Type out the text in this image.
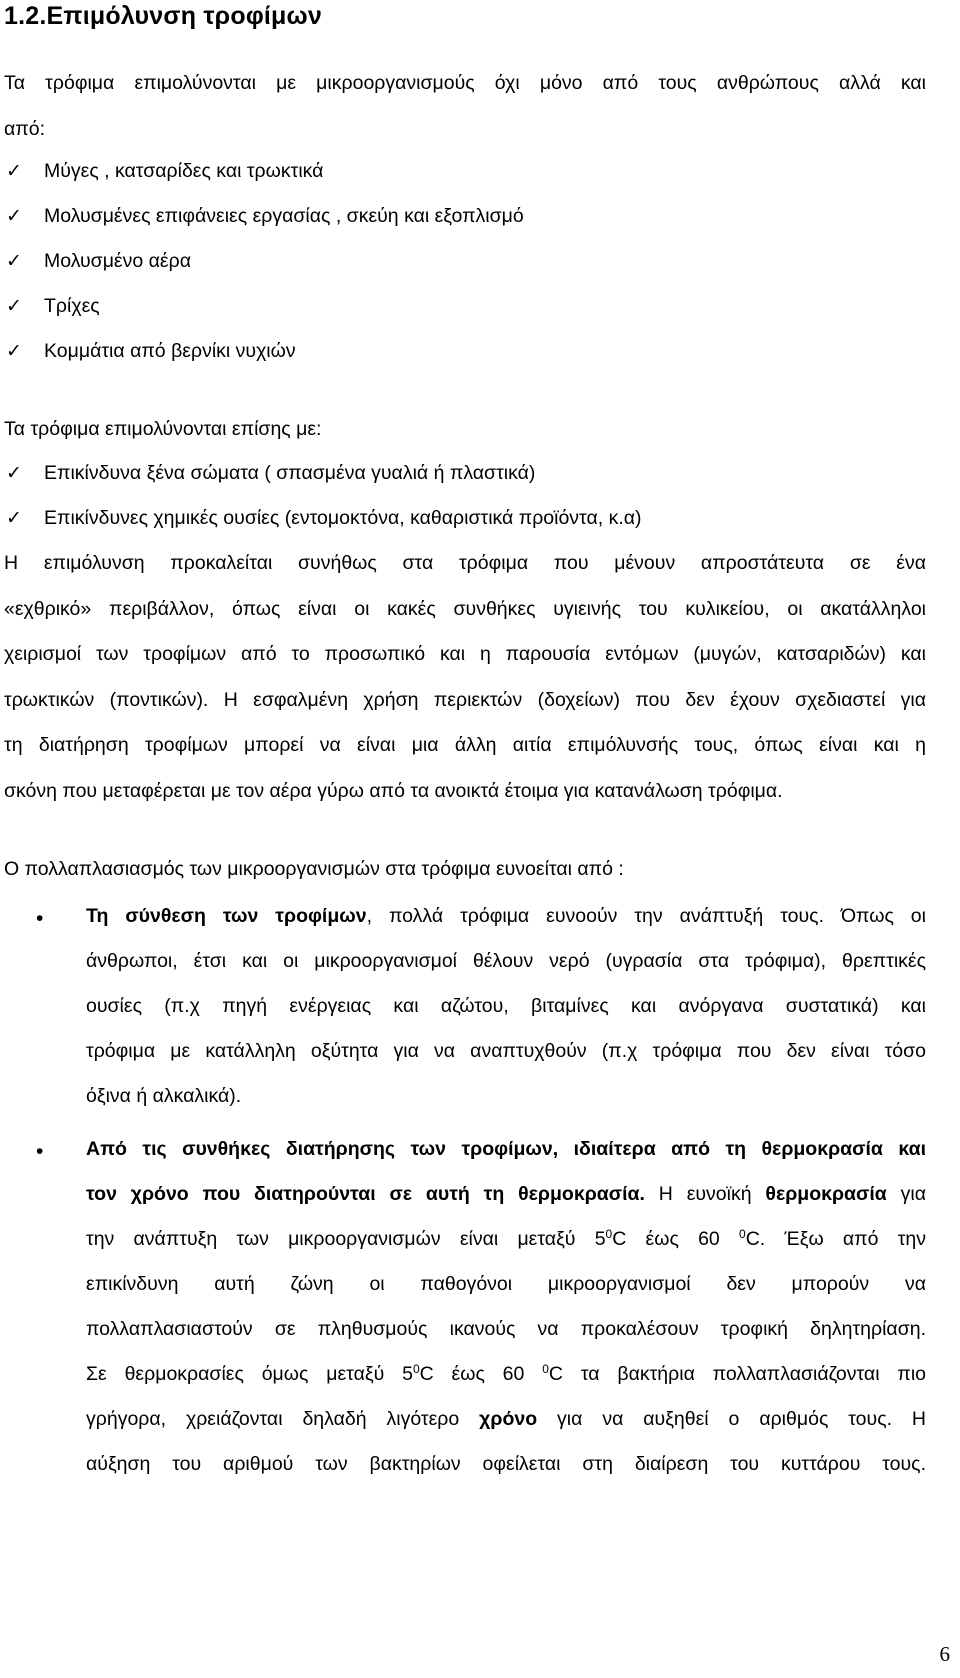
1.2.Επιμόλυνση τροφίμων
Τα τρόφιμα επιμολύνονται με μικροοργανισμούς όχι μόνο από τους ανθρώπους αλλά και
από:
✓ Μύγες , κατσαρίδες και τρωκτικά
✓ Μολυσμένες επιφάνειες εργασίας , σκεύη και εξοπλισμό
✓ Μολυσμένο αέρα
✓ Τρίχες
✓ Κομμάτια από βερνίκι νυχιών
Τα τρόφιμα επιμολύνονται επίσης με:
✓ Επικίνδυνα ξένα σώματα ( σπασμένα γυαλιά ή πλαστικά)
✓ Επικίνδυνες χημικές ουσίες (εντομοκτόνα, καθαριστικά προϊόντα, κ.α)
Η επιμόλυνση προκαλείται συνήθως στα τρόφιμα που μένουν απροστάτευτα σε ένα
«εχθρικό» περιβάλλον, όπως είναι οι κακές συνθήκες υγιεινής του κυλικείου, οι ακατάλληλοι
χειρισμοί των τροφίμων από το προσωπικό και η παρουσία εντόμων (μυγών, κατσαριδών) και
τρωκτικών (ποντικών). Η εσφαλμένη χρήση περιεκτών (δοχείων) που δεν έχουν σχεδιαστεί για
τη διατήρηση τροφίμων μπορεί να είναι μια άλλη αιτία επιμόλυνσής τους, όπως είναι και η
σκόνη που μεταφέρεται με τον αέρα γύρω από τα ανοικτά έτοιμα για κατανάλωση τρόφιμα.
Ο πολλαπλασιασμός των μικροοργανισμών στα τρόφιμα ευνοείται από :
• Τη σύνθεση των τροφίμων, πολλά τρόφιμα ευνοούν την ανάπτυξή τους. Όπως οι
άνθρωποι, έτσι και οι μικροοργανισμοί θέλουν νερό (υγρασία στα τρόφιμα), θρεπτικές
ουσίες (π.χ πηγή ενέργειας και αζώτου, βιταμίνες και ανόργανα συστατικά) και
τρόφιμα με κατάλληλη οξύτητα για να αναπτυχθούν (π.χ τρόφιμα που δεν είναι τόσο
όξινα ή αλκαλικά).
• Από τις συνθήκες διατήρησης των τροφίμων, ιδιαίτερα από τη θερμοκρασία και
τον χρόνο που διατηρούνται σε αυτή τη θερμοκρασία. Η ευνοϊκή θερμοκρασία για
την ανάπτυξη των μικροοργανισμών είναι μεταξύ $5^0C$ έως 60 $^0$C. Έξω από την
επικίνδυνη αυτή ζώνη οι παθογόνοι μικροοργανισμοί δεν μπορούν να
πολλαπλασιαστούν σε πληθυσμούς ικανούς να προκαλέσουν τροφική δηλητηρίαση.
Σε θερμοκρασίες όμως μεταξύ $5^0C$ έως 60 $^0$C τα βακτήρια πολλαπλασιάζονται πιο
γρήγορα, χρειάζονται δηλαδή λιγότερο χρόνο για να αυξηθεί ο αριθμός τους. Η
αύξηση του αριθμού των βακτηρίων οφείλεται στη διαίρεση του κυττάρου τους.
6
